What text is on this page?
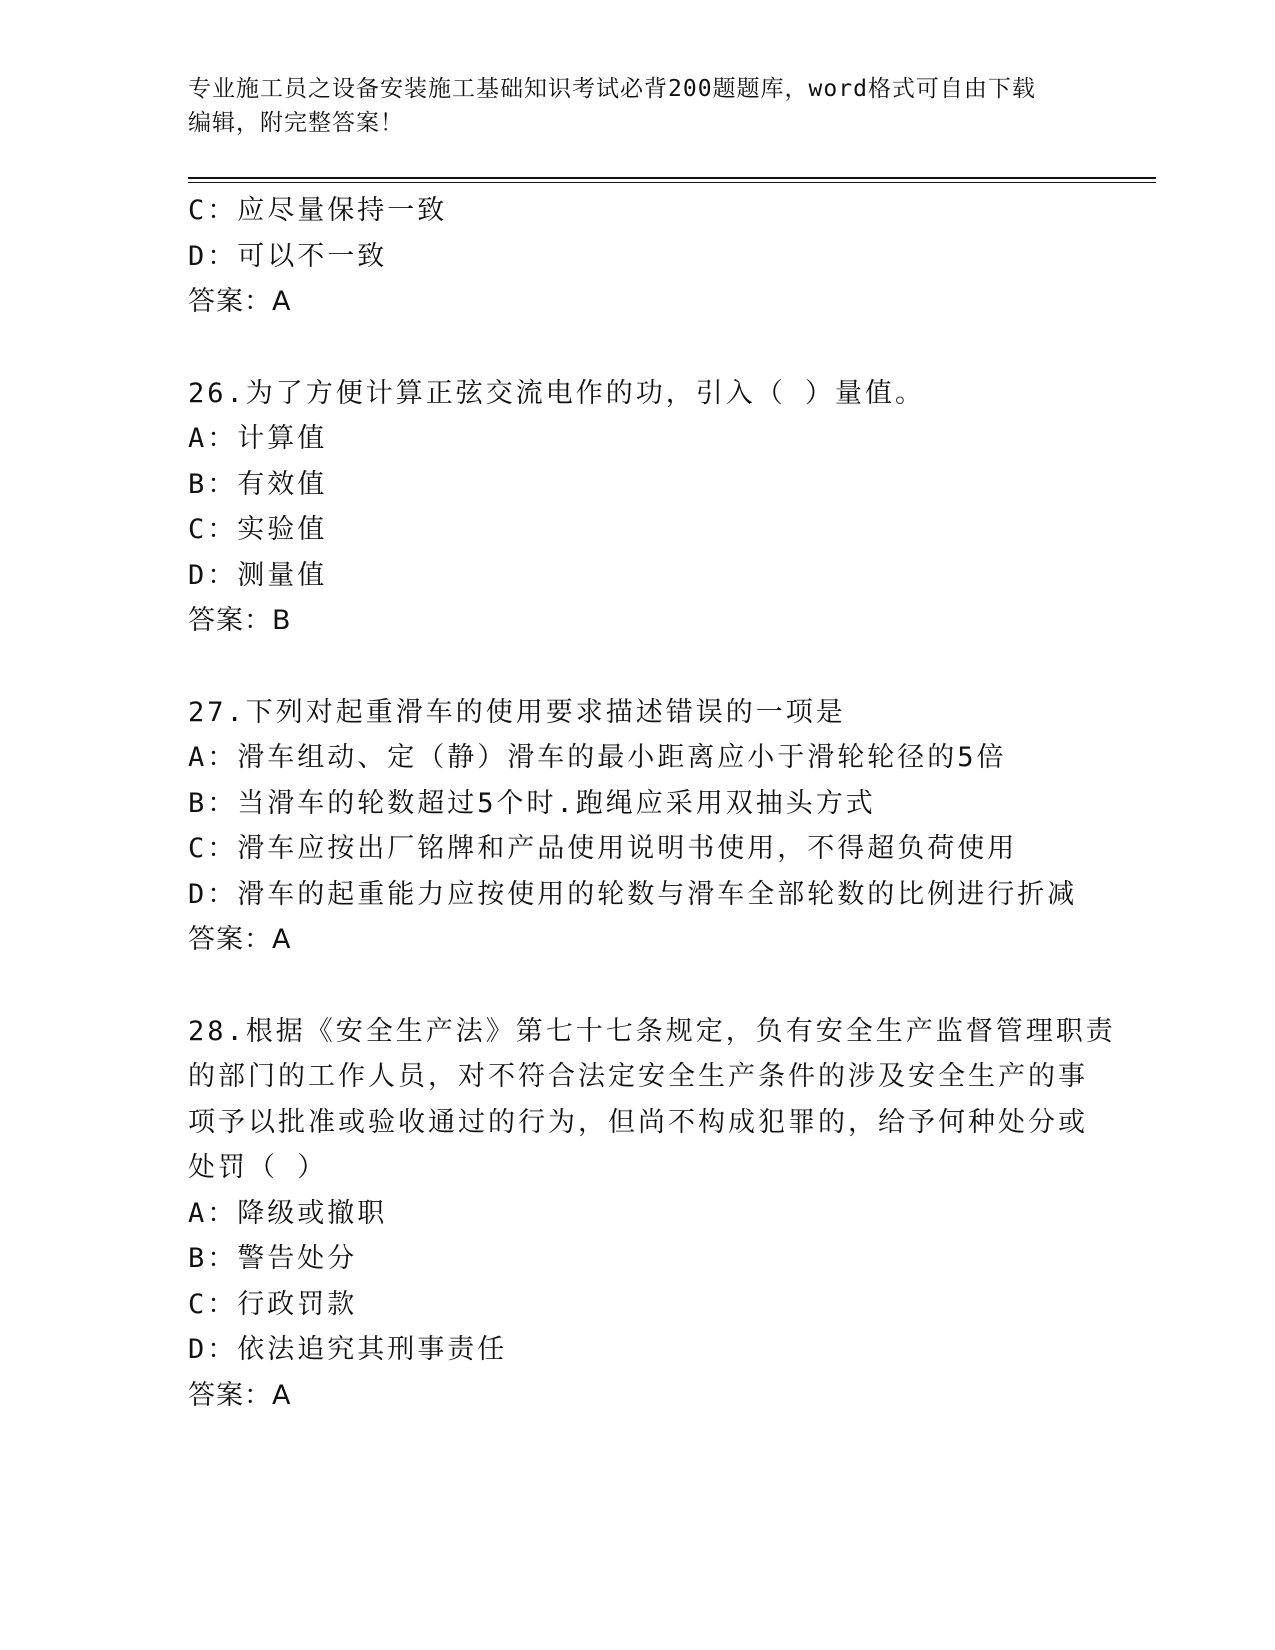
专业施工员之设备安装施工基础知识考试必背200题题库，word格式可自由下载
编辑，附完整答案！
C：应尽量保持一致
D：可以不一致
答案：A
26.为了方便计算正弦交流电作的功，引入（ ）量值。
A：计算值
B：有效值
C：实验值
D：测量值
答案：B
27.下列对起重滑车的使用要求描述错误的一项是
A：滑车组动、定（静）滑车的最小距离应小于滑轮轮径的5倍
B：当滑车的轮数超过5个时.跑绳应采用双抽头方式
C：滑车应按出厂铭牌和产品使用说明书使用，不得超负荷使用
D：滑车的起重能力应按使用的轮数与滑车全部轮数的比例进行折减
答案：A
28.根据《安全生产法》第七十七条规定，负有安全生产监督管理职责
的部门的工作人员，对不符合法定安全生产条件的涉及安全生产的事
项予以批准或验收通过的行为，但尚不构成犯罪的，给予何种处分或
处罚（ ）
A：降级或撤职
B：警告处分
C：行政罚款
D：依法追究其刑事责任
答案：A
